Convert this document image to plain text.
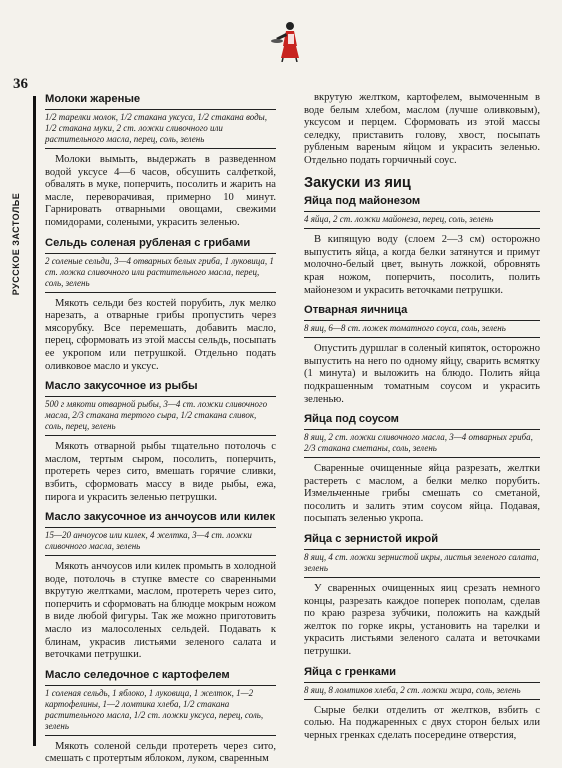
36
РУССКОЕ ЗАСТОЛЬЕ
Молоки жареные
1/2 тарелки молок, 1/2 стакана уксуса, 1/2 стакана воды, 1/2 стакана муки, 2 ст. ложки сливочного или растительного масла, перец, соль, зелень

Молоки вымыть, выдержать в разведенном водой уксусе 4—6 часов, обсушить салфеткой, обвалять в муке, поперчить, посолить и жарить на масле, переворачивая, примерно 10 минут. Гарнировать отварными овощами, свежими помидорами, солеными, украсить зеленью.

Сельдь соленая рубленая с грибами
2 соленые сельди, 3—4 отварных белых гриба, 1 луковица, 1 ст. ложка сливочного или растительного масла, перец, соль, зелень

Мякоть сельди без костей порубить, лук мелко нарезать, а отварные грибы пропустить через мясорубку. Все перемешать, добавить масло, перец, сформовать из этой массы сельдь, посыпать ее укропом или петрушкой. Отдельно подать оливковое масло и уксус.

Масло закусочное из рыбы
500 г мякоти отварной рыбы, 3—4 ст. ложки сливочного масла, 2/3 стакана тертого сыра, 1/2 стакана сливок, соль, перец, зелень

Мякоть отварной рыбы тщательно потолочь с маслом, тертым сыром, посолить, поперчить, протереть через сито, вмешать горячие сливки, взбить, сформовать массу в виде рыбы, ежа, пирога и украсить зеленью петрушки.

Масло закусочное из анчоусов или килек
15—20 анчоусов или килек, 4 желтка, 3—4 ст. ложки сливочного масла, зелень

Мякоть анчоусов или килек промыть в холодной воде, потолочь в ступке вместе со сваренными вкрутую желтками, маслом, протереть через сито, поперчить и сформовать на блюдце мокрым ножом в виде любой фигуры. Так же можно приготовить масло из малосоленых сельдей. Подавать к блинам, украсив листьями зеленого салата и веточками петрушки.

Масло селедочное с картофелем
1 соленая сельдь, 1 яблоко, 1 луковица, 1 желток, 1—2 картофелины, 1—2 ломтика хлеба, 1/2 стакана растительного масла, 1/2 ст. ложки уксуса, перец, соль, зелень

Мякоть соленой сельди протереть через сито, смешать с протертым яблоком, луком, сваренным

вкрутую желтком, картофелем, вымоченным в воде белым хлебом, маслом (лучше оливковым), уксусом и перцем. Сформовать из этой массы селедку, приставить голову, хвост, посыпать рубленым вареным яйцом и украсить зеленью. Отдельно подать горчичный соус.

Закуски из яиц
Яйца под майонезом
4 яйца, 2 ст. ложки майонеза, перец, соль, зелень

В кипящую воду (слоем 2—3 см) осторожно выпустить яйца, а когда белки затянутся и примут молочно-белый цвет, вынуть ложкой, обровнять края ножом, поперчить, посолить, полить майонезом и украсить веточками петрушки.

Отварная яичница
8 яиц, 6—8 ст. ложек томатного соуса, соль, зелень

Опустить дуршлаг в соленый кипяток, осторожно выпустить на него по одному яйцу, сварить всмятку (1 минута) и выложить на блюдо. Полить яйца подкрашенным томатным соусом и украсить зеленью.

Яйца под соусом
8 яиц, 2 ст. ложки сливочного масла, 3—4 отварных гриба, 2/3 стакана сметаны, соль, зелень

Сваренные очищенные яйца разрезать, желтки растереть с маслом, а белки мелко порубить. Измельченные грибы смешать со сметаной, посолить и залить этим соусом яйца. Подавая, посыпать зеленью укропа.

Яйца с зернистой икрой
8 яиц, 4 ст. ложки зернистой икры, листья зеленого салата, зелень

У сваренных очищенных яиц срезать немного концы, разрезать каждое поперек пополам, сделав по краю разреза зубчики, положить на каждый желток по горке икры, установить на тарелки и украсить листьями зеленого салата и веточками петрушки.

Яйца с гренками
8 яиц, 8 ломтиков хлеба, 2 ст. ложки жира, соль, зелень

Сырые белки отделить от желтков, взбить с солью. На поджаренных с двух сторон белых или черных гренках сделать посередине отверстия,
